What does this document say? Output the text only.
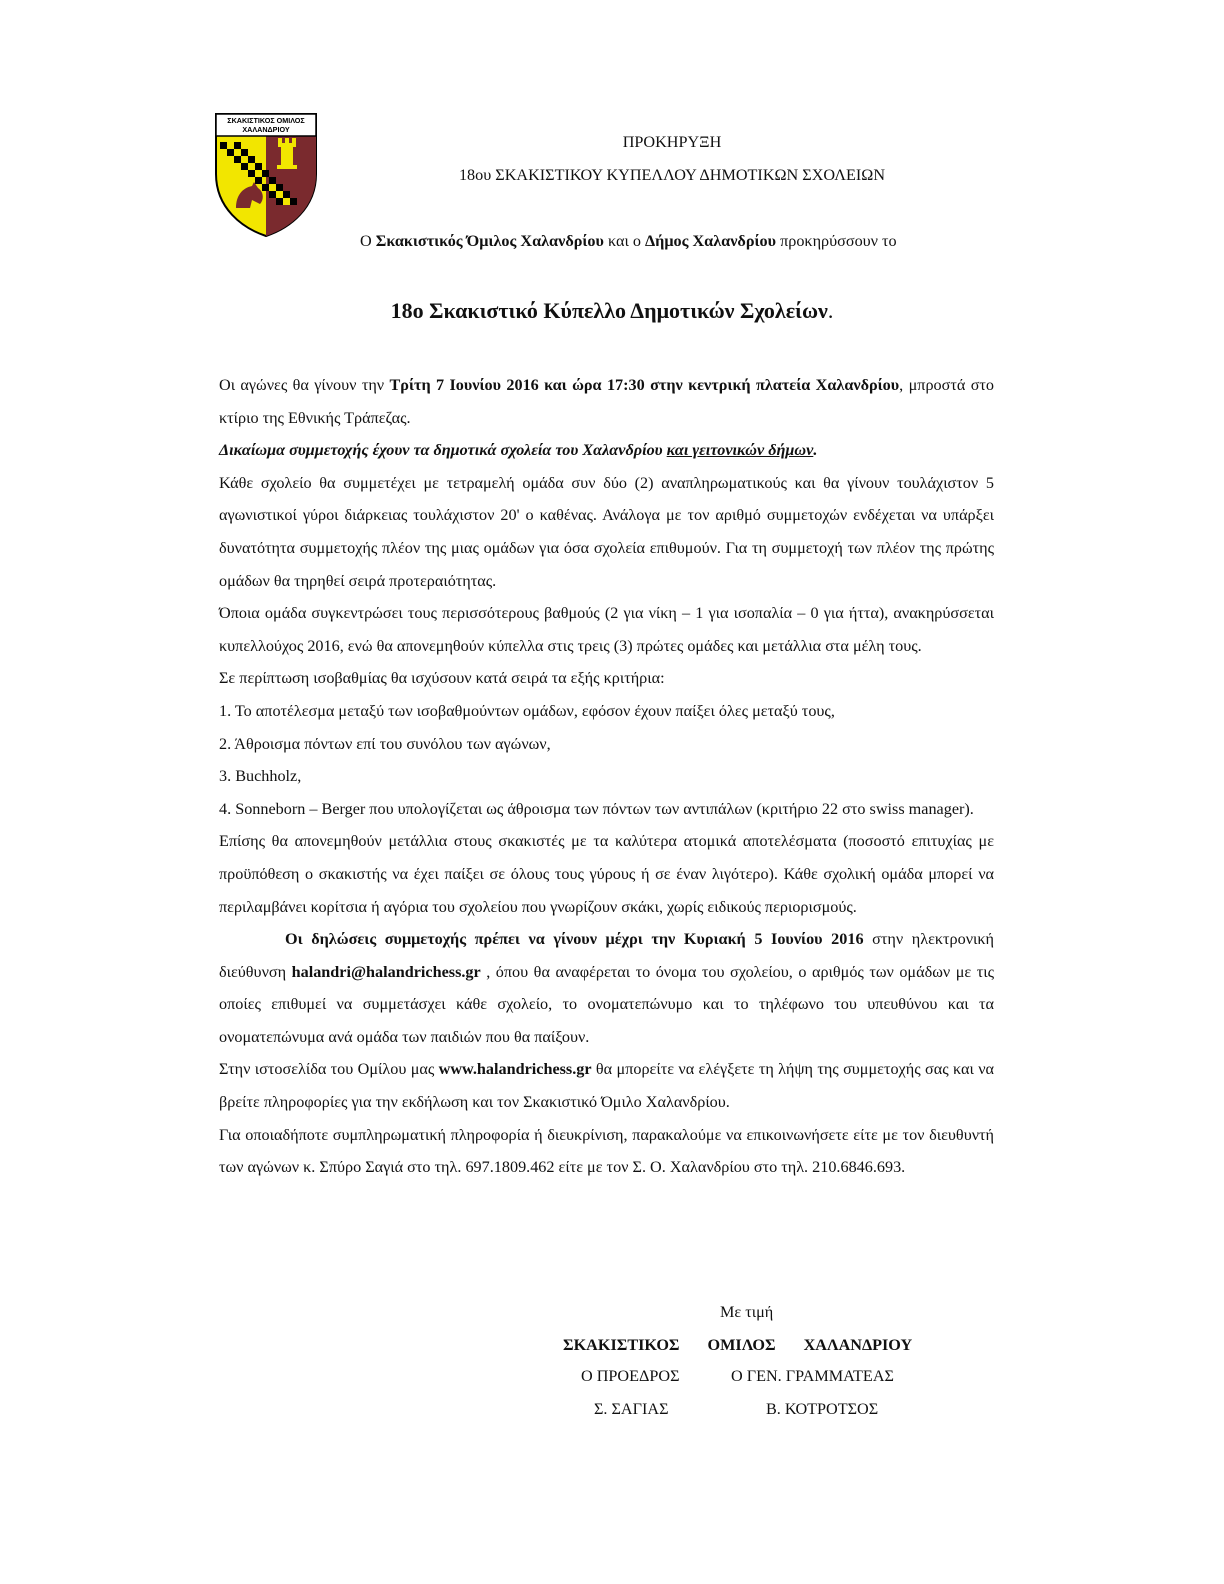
ΣΚΑΚΙΣΤΙΚΟΣ ΟΜΙΛΟΣ
ΧΑΛΑΝΔΡΙΟΥ
ΠΡΟΚΗΡΥΞΗ
18ου ΣΚΑΚΙΣΤΙΚΟΥ ΚΥΠΕΛΛΟΥ ΔΗΜΟΤΙΚΩΝ ΣΧΟΛΕΙΩΝ
Ο Σκακιστικός Όμιλος Χαλανδρίου και ο Δήμος Χαλανδρίου προκηρύσσουν το
18ο Σκακιστικό Κύπελλο Δημοτικών Σχολείων.

Οι αγώνες θα γίνουν την Τρίτη 7 Ιουνίου 2016 και ώρα 17:30 στην κεντρική πλατεία Χαλανδρίου, μπροστά στο κτίριο της Εθνικής Τράπεζας.

Δικαίωμα συμμετοχής έχουν τα δημοτικά σχολεία του Χαλανδρίου και γειτονικών δήμων.

Κάθε σχολείο θα συμμετέχει με τετραμελή ομάδα συν δύο (2) αναπληρωματικούς και θα γίνουν τουλάχιστον 5 αγωνιστικοί γύροι διάρκειας τουλάχιστον 20' ο καθένας. Ανάλογα με τον αριθμό συμμετοχών ενδέχεται να υπάρξει δυνατότητα συμμετοχής πλέον της μιας ομάδων για όσα σχολεία επιθυμούν. Για τη συμμετοχή των πλέον της πρώτης ομάδων θα τηρηθεί σειρά προτεραιότητας.

Όποια ομάδα συγκεντρώσει τους περισσότερους βαθμούς (2 για νίκη – 1 για ισοπαλία – 0 για ήττα), ανακηρύσσεται κυπελλούχος 2016, ενώ θα απονεμηθούν κύπελλα στις τρεις (3) πρώτες ομάδες και μετάλλια στα μέλη τους.

Σε περίπτωση ισοβαθμίας θα ισχύσουν κατά σειρά τα εξής κριτήρια:

1. Το αποτέλεσμα μεταξύ των ισοβαθμούντων ομάδων, εφόσον έχουν παίξει όλες μεταξύ τους,

2. Άθροισμα πόντων επί του συνόλου των αγώνων,

3. Buchholz,

4. Sonneborn – Berger που υπολογίζεται ως άθροισμα των πόντων των αντιπάλων (κριτήριο 22 στο swiss manager).

Επίσης θα απονεμηθούν μετάλλια στους σκακιστές με τα καλύτερα ατομικά αποτελέσματα (ποσοστό επιτυχίας με προϋπόθεση ο σκακιστής να έχει παίξει σε όλους τους γύρους ή σε έναν λιγότερο). Κάθε σχολική ομάδα μπορεί να περιλαμβάνει κορίτσια ή αγόρια του σχολείου που γνωρίζουν σκάκι, χωρίς ειδικούς περιορισμούς.

Οι δηλώσεις συμμετοχής πρέπει να γίνουν μέχρι την Κυριακή 5 Ιουνίου 2016 στην ηλεκτρονική διεύθυνση halandri@halandrichess.gr , όπου θα αναφέρεται το όνομα του σχολείου, ο αριθμός των ομάδων με τις οποίες επιθυμεί να συμμετάσχει κάθε σχολείο, το ονοματεπώνυμο και το τηλέφωνο του υπευθύνου και τα ονοματεπώνυμα ανά ομάδα των παιδιών που θα παίξουν.

Στην ιστοσελίδα του Ομίλου μας www.halandrichess.gr θα μπορείτε να ελέγξετε τη λήψη της συμμετοχής σας και να βρείτε πληροφορίες για την εκδήλωση και τον Σκακιστικό Όμιλο Χαλανδρίου.

Για οποιαδήποτε συμπληρωματική πληροφορία ή διευκρίνιση, παρακαλούμε να επικοινωνήσετε είτε με τον διευθυντή των αγώνων κ. Σπύρο Σαγιά στο τηλ. 697.1809.462 είτε με τον Σ. Ο. Χαλανδρίου στο τηλ. 210.6846.693.

Με τιμή
ΣΚΑΚΙΣΤΙΚΟΣ ΟΜΙΛΟΣ ΧΑΛΑΝΔΡΙΟΥ
Ο ΠΡΟΕΔΡΟΣ	Ο ΓΕΝ. ΓΡΑΜΜΑΤΕΑΣ
Σ. ΣΑΓΙΑΣ	Β. ΚΟΤΡΟΤΣΟΣ
